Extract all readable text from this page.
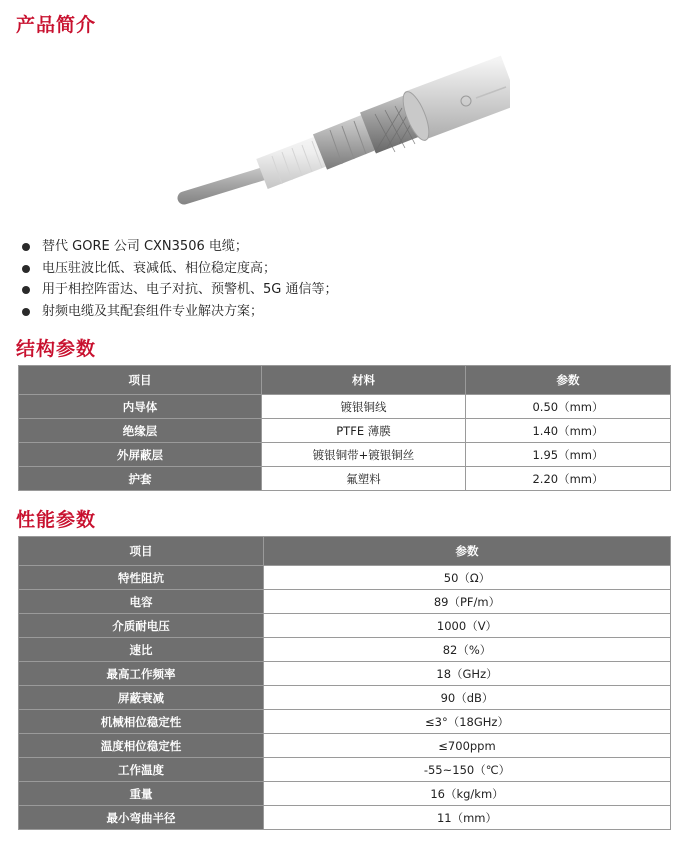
产品简介
替代 GORE 公司 CXN3506 电缆；
电压驻波比低、衰减低、相位稳定度高；
用于相控阵雷达、电子对抗、预警机、5G 通信等；
射频电缆及其配套组件专业解决方案；
结构参数
项目	材料	参数
内导体	镀银铜线	0.50（mm）
绝缘层	PTFE 薄膜	1.40（mm）
外屏蔽层	镀银铜带+镀银铜丝	1.95（mm）
护套	氟塑料	2.20（mm）
性能参数
项目	参数
特性阻抗	50（Ω）
电容	89（PF/m）
介质耐电压	1000（V）
速比	82（%）
最高工作频率	18（GHz）
屏蔽衰减	90（dB）
机械相位稳定性	≤3°（18GHz）
温度相位稳定性	≤700ppm
工作温度	-55~150（℃）
重量	16（kg/km）
最小弯曲半径	11（mm）
